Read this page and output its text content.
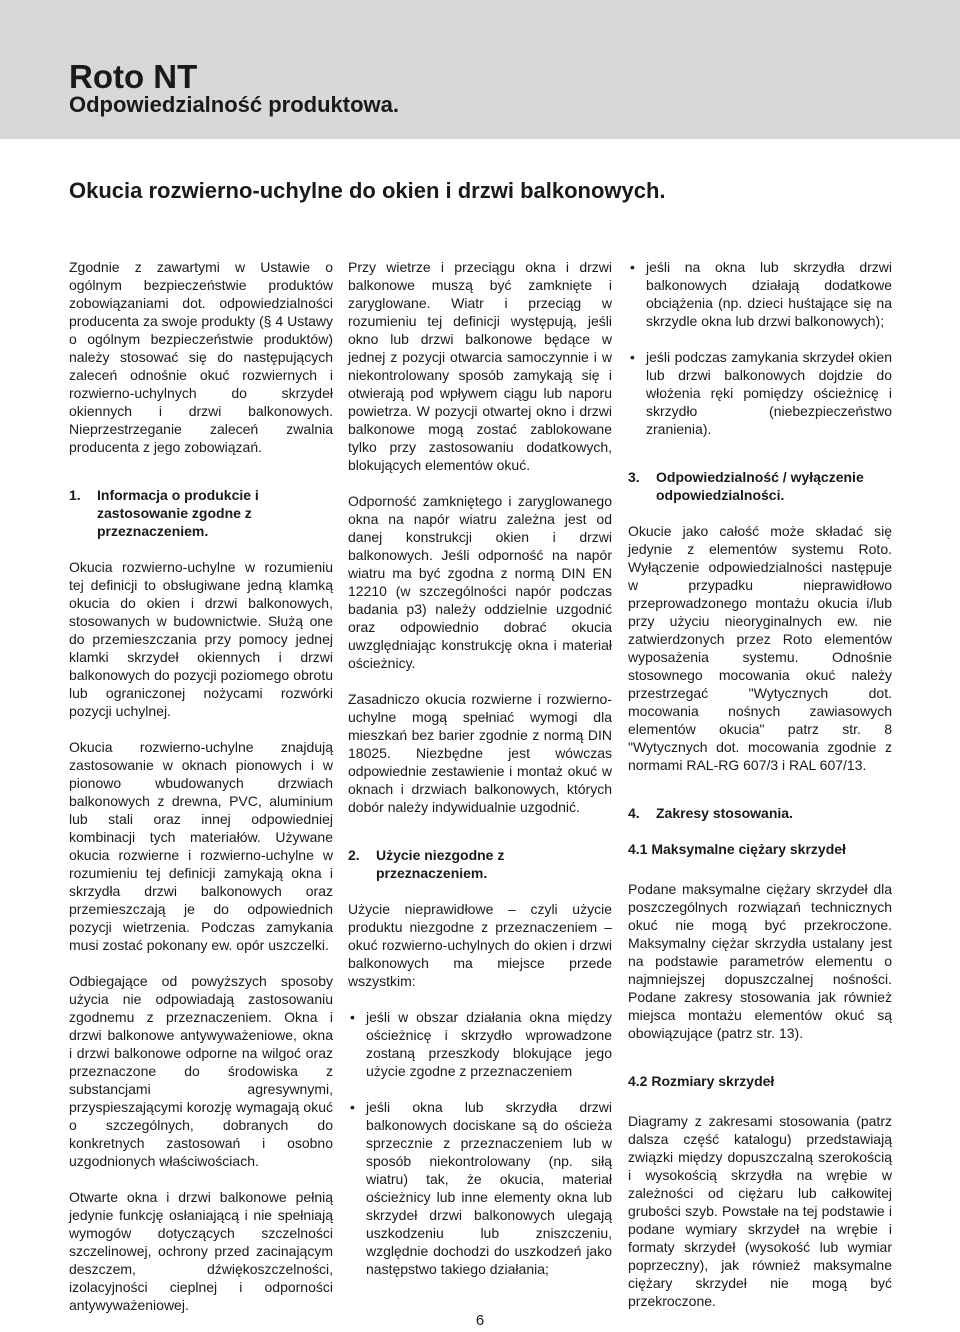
Roto NT
Odpowiedzialność produktowa.
Okucia rozwierno-uchylne do okien i drzwi balkonowych.

Zgodnie z zawartymi w Ustawie o ogólnym bezpieczeństwie produktów zobowiązaniami dot. odpowiedzialności producenta za swoje produkty (§ 4 Ustawy o ogólnym bezpieczeństwie produktów) należy stosować się do następujących zaleceń odnośnie okuć rozwiernych i rozwierno-uchylnych do skrzydeł okiennych i drzwi balkonowych. Nieprzestrzeganie zaleceń zwalnia producenta z jego zobowiązań.

1.	Informacja o produkcie i zastosowanie zgodne z przeznaczeniem.

Okucia rozwierno-uchylne w rozumieniu tej definicji to obsługiwane jedną klamką okucia do okien i drzwi balkonowych, stosowanych w budownictwie. Służą one do przemieszczania przy pomocy jednej klamki skrzydeł okiennych i drzwi balkonowych do pozycji poziomego obrotu lub ograniczonej nożycami rozwórki pozycji uchylnej.

Okucia rozwierno-uchylne znajdują zastosowanie w oknach pionowych i w pionowo wbudowanych drzwiach balkonowych z drewna, PVC, aluminium lub stali oraz innej odpowiedniej kombinacji tych materiałów. Używane okucia rozwierne i rozwierno-uchylne w rozumieniu tej definicji zamykają okna i skrzydła drzwi balkonowych oraz przemieszczają je do odpowiednich pozycji wietrzenia. Podczas zamykania musi zostać pokonany ew. opór uszczelki.

Odbiegające od powyższych sposoby użycia nie odpowiadają zastosowaniu zgodnemu z przeznaczeniem. Okna i drzwi balkonowe antywyważeniowe, okna i drzwi balkonowe odporne na wilgoć oraz przeznaczone do środowiska z substancjami agresywnymi, przyspieszającymi korozję wymagają okuć o szczególnych, dobranych do konkretnych zastosowań i osobno uzgodnionych właściwościach.

Otwarte okna i drzwi balkonowe pełnią jedynie funkcję osłaniającą i nie spełniają wymogów dotyczących szczelności szczelinowej, ochrony przed zacinającym deszczem, dźwiękoszczelności, izolacyjności cieplnej i odporności antywyważeniowej.

Przy wietrze i przeciągu okna i drzwi balkonowe muszą być zamknięte i zaryglowane. Wiatr i przeciąg w rozumieniu tej definicji występują, jeśli okno lub drzwi balkonowe będące w jednej z pozycji otwarcia samoczynnie i w niekontrolowany sposób zamykają się i otwierają pod wpływem ciągu lub naporu powietrza. W pozycji otwartej okno i drzwi balkonowe mogą zostać zablokowane tylko przy zastosowaniu dodatkowych, blokujących elementów okuć.

Odporność zamkniętego i zaryglowanego okna na napór wiatru zależna jest od danej konstrukcji okien i drzwi balkonowych. Jeśli odporność na napór wiatru ma być zgodna z normą DIN EN 12210 (w szczególności napór podczas badania p3) należy oddzielnie uzgodnić oraz odpowiednio dobrać okucia uwzględniając konstrukcję okna i materiał ościeżnicy.

Zasadniczo okucia rozwierne i rozwierno-uchylne mogą spełniać wymogi dla mieszkań bez barier zgodnie z normą DIN 18025. Niezbędne jest wówczas odpowiednie zestawienie i montaż okuć w oknach i drzwiach balkonowych, których dobór należy indywidualnie uzgodnić.

2.	Użycie niezgodne z przeznaczeniem.

Użycie nieprawidłowe – czyli użycie produktu niezgodne z przeznaczeniem – okuć rozwierno-uchylnych do okien i drzwi balkonowych ma miejsce przede wszystkim:

• jeśli w obszar działania okna między ościeżnicę i skrzydło wprowadzone zostaną przeszkody blokujące jego użycie zgodne z przeznaczeniem
• jeśli okna lub skrzydła drzwi balkonowych dociskane są do ościeża sprzecznie z przeznaczeniem lub w sposób niekontrolowany (np. siłą wiatru) tak, że okucia, materiał ościeżnicy lub inne elementy okna lub skrzydeł drzwi balkonowych ulegają uszkodzeniu lub zniszczeniu, względnie dochodzi do uszkodzeń jako następstwo takiego działania;
• jeśli na okna lub skrzydła drzwi balkonowych działają dodatkowe obciążenia (np. dzieci huśtające się na skrzydle okna lub drzwi balkonowych);
• jeśli podczas zamykania skrzydeł okien lub drzwi balkonowych dojdzie do włożenia ręki pomiędzy ościeżnicę i skrzydło (niebezpieczeństwo zranienia).
3.	Odpowiedzialność / wyłączenie odpowiedzialności.

Okucie jako całość może składać się jedynie z elementów systemu Roto. Wyłączenie odpowiedzialności następuje w przypadku nieprawidłowo przeprowadzonego montażu okucia i/lub przy użyciu nieoryginalnych ew. nie zatwierdzonych przez Roto elementów wyposażenia systemu. Odnośnie stosownego mocowania okuć należy przestrzegać "Wytycznych dot. mocowania nośnych zawiasowych elementów okucia" patrz str. 8 "Wytycznych dot. mocowania zgodnie z normami RAL-RG 607/3 i RAL 607/13.

4.	Zakresy stosowania.
4.1 Maksymalne ciężary skrzydeł

Podane maksymalne ciężary skrzydeł dla poszczególnych rozwiązań technicznych okuć nie mogą być przekroczone. Maksymalny ciężar skrzydła ustalany jest na podstawie parametrów elementu o najmniejszej dopuszczalnej nośności. Podane zakresy stosowania jak również miejsca montażu elementów okuć są obowiązujące (patrz str. 13).

4.2 Rozmiary skrzydeł

Diagramy z zakresami stosowania (patrz dalsza część katalogu) przedstawiają związki między dopuszczalną szerokością i wysokością skrzydła na wrębie w zależności od ciężaru lub całkowitej grubości szyb. Powstałe na tej podstawie i podane wymiary skrzydeł na wrębie i formaty skrzydeł (wysokość lub wymiar poprzeczny), jak również maksymalne ciężary skrzydeł nie mogą być przekroczone.

6
